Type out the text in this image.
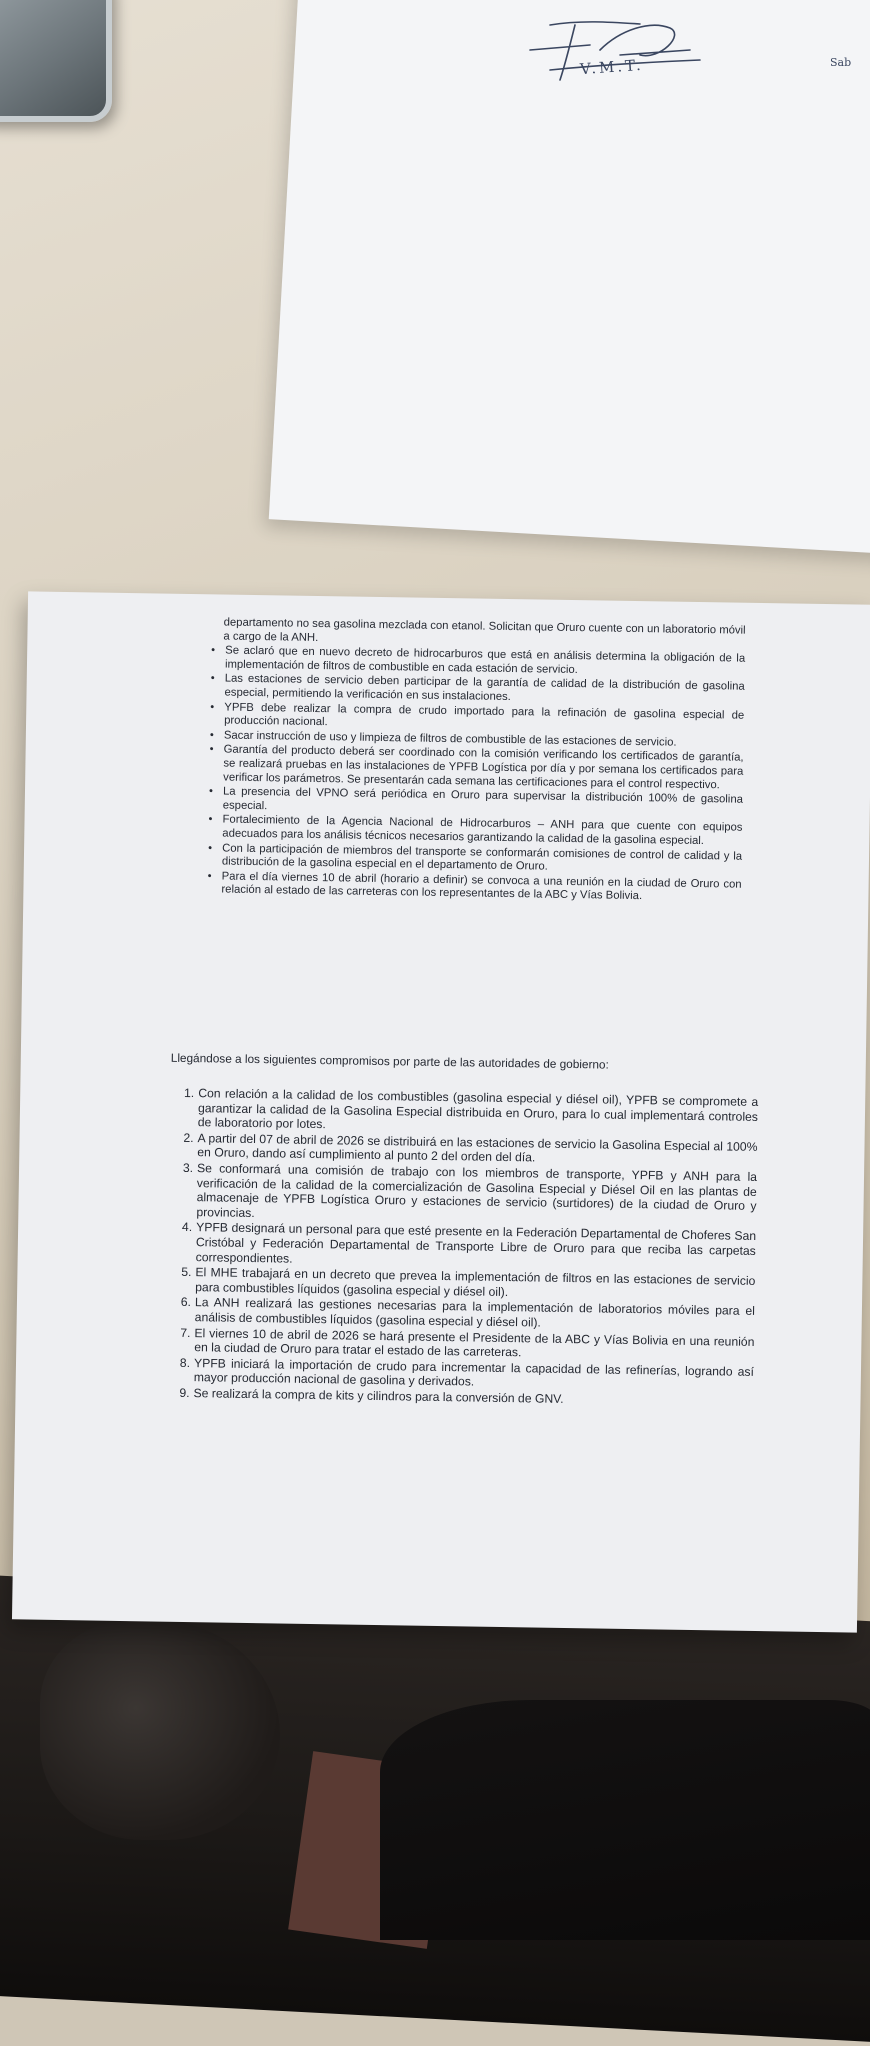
V.M.T.	Sab
departamento no sea gasolina mezclada con etanol. Solicitan que Oruro cuente con un laboratorio móvil a cargo de la ANH.
• Se aclaró que en nuevo decreto de hidrocarburos que está en análisis determina la obligación de la implementación de filtros de combustible en cada estación de servicio.
• Las estaciones de servicio deben participar de la garantía de calidad de la distribución de gasolina especial, permitiendo la verificación en sus instalaciones.
• YPFB debe realizar la compra de crudo importado para la refinación de gasolina especial de producción nacional.
• Sacar instrucción de uso y limpieza de filtros de combustible de las estaciones de servicio.
• Garantía del producto deberá ser coordinado con la comisión verificando los certificados de garantía, se realizará pruebas en las instalaciones de YPFB Logística por día y por semana los certificados para verificar los parámetros. Se presentarán cada semana las certificaciones para el control respectivo.
• La presencia del VPNO será periódica en Oruro para supervisar la distribución 100% de gasolina especial.
• Fortalecimiento de la Agencia Nacional de Hidrocarburos – ANH para que cuente con equipos adecuados para los análisis técnicos necesarios garantizando la calidad de la gasolina especial.
• Con la participación de miembros del transporte se conformarán comisiones de control de calidad y la distribución de la gasolina especial en el departamento de Oruro.
• Para el día viernes 10 de abril (horario a definir) se convoca a una reunión en la ciudad de Oruro con relación al estado de las carreteras con los representantes de la ABC y Vías Bolivia.
Llegándose a los siguientes compromisos por parte de las autoridades de gobierno:
1. Con relación a la calidad de los combustibles (gasolina especial y diésel oil), YPFB se compromete a garantizar la calidad de la Gasolina Especial distribuida en Oruro, para lo cual implementará controles de laboratorio por lotes.
2. A partir del 07 de abril de 2026 se distribuirá en las estaciones de servicio la Gasolina Especial al 100% en Oruro, dando así cumplimiento al punto 2 del orden del día.
3. Se conformará una comisión de trabajo con los miembros de transporte, YPFB y ANH para la verificación de la calidad de la comercialización de Gasolina Especial y Diésel Oil en las plantas de almacenaje de YPFB Logística Oruro y estaciones de servicio (surtidores) de la ciudad de Oruro y provincias.
4. YPFB designará un personal para que esté presente en la Federación Departamental de Choferes San Cristóbal y Federación Departamental de Transporte Libre de Oruro para que reciba las carpetas correspondientes.
5. El MHE trabajará en un decreto que prevea la implementación de filtros en las estaciones de servicio para combustibles líquidos (gasolina especial y diésel oil).
6. La ANH realizará las gestiones necesarias para la implementación de laboratorios móviles para el análisis de combustibles líquidos (gasolina especial y diésel oil).
7. El viernes 10 de abril de 2026 se hará presente el Presidente de la ABC y Vías Bolivia en una reunión en la ciudad de Oruro para tratar el estado de las carreteras.
8. YPFB iniciará la importación de crudo para incrementar la capacidad de las refinerías, logrando así mayor producción nacional de gasolina y derivados.
9. Se realizará la compra de kits y cilindros para la conversión de GNV.
